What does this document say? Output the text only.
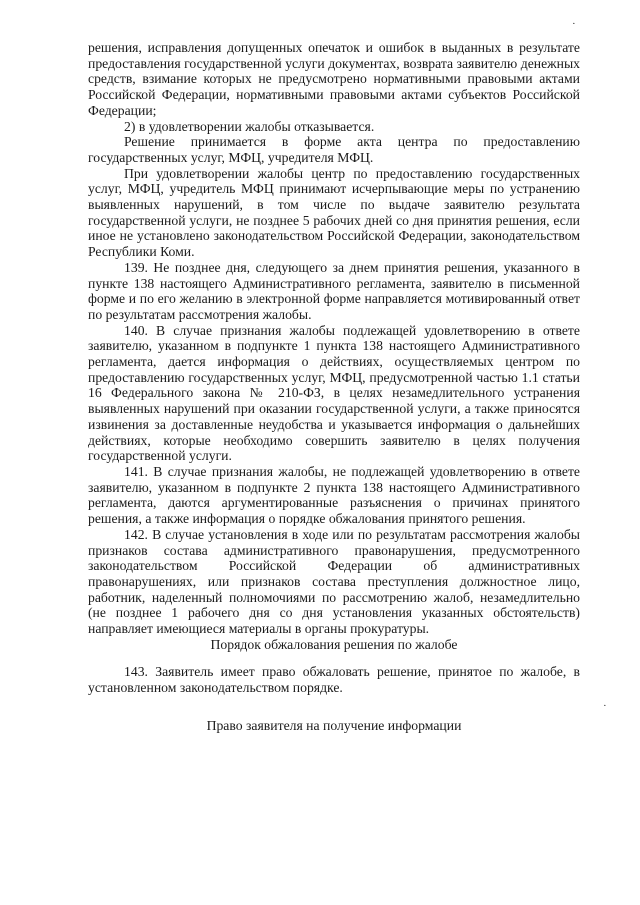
решения, исправления допущенных опечаток и ошибок в выданных в результате предоставления государственной услуги документах, возврата заявителю денежных средств, взимание которых не предусмотрено нормативными правовыми актами Российской Федерации, нормативными правовыми актами субъектов Российской Федерации;

2) в удовлетворении жалобы отказывается.

Решение принимается в форме акта центра по предоставлению государственных услуг, МФЦ, учредителя МФЦ.

При удовлетворении жалобы центр по предоставлению государственных услуг, МФЦ, учредитель МФЦ принимают исчерпывающие меры по устранению выявленных нарушений, в том числе по выдаче заявителю результата государственной услуги, не позднее 5 рабочих дней со дня принятия решения, если иное не установлено законодательством Российской Федерации, законодательством Республики Коми.

139. Не позднее дня, следующего за днем принятия решения, указанного в пункте 138 настоящего Административного регламента, заявителю в письменной форме и по его желанию в электронной форме направляется мотивированный ответ по результатам рассмотрения жалобы.

140. В случае признания жалобы подлежащей удовлетворению в ответе заявителю, указанном в подпункте 1 пункта 138 настоящего Административного регламента, дается информация о действиях, осуществляемых центром по предоставлению государственных услуг, МФЦ, предусмотренной частью 1.1 статьи 16 Федерального закона № 210-ФЗ, в целях незамедлительного устранения выявленных нарушений при оказании государственной услуги, а также приносятся извинения за доставленные неудобства и указывается информация о дальнейших действиях, которые необходимо совершить заявителю в целях получения государственной услуги.

141. В случае признания жалобы, не подлежащей удовлетворению в ответе заявителю, указанном в подпункте 2 пункта 138 настоящего Административного регламента, даются аргументированные разъяснения о причинах принятого решения, а также информация о порядке обжалования принятого решения.

142. В случае установления в ходе или по результатам рассмотрения жалобы признаков состава административного правонарушения, предусмотренного законодательством Российской Федерации об административных правонарушениях, или признаков состава преступления должностное лицо, работник, наделенный полномочиями по рассмотрению жалоб, незамедлительно (не позднее 1 рабочего дня со дня установления указанных обстоятельств) направляет имеющиеся материалы в органы прокуратуры.

Порядок обжалования решения по жалобе

143. Заявитель имеет право обжаловать решение, принятое по жалобе, в установленном законодательством порядке.

Право заявителя на получение информации

·
·
